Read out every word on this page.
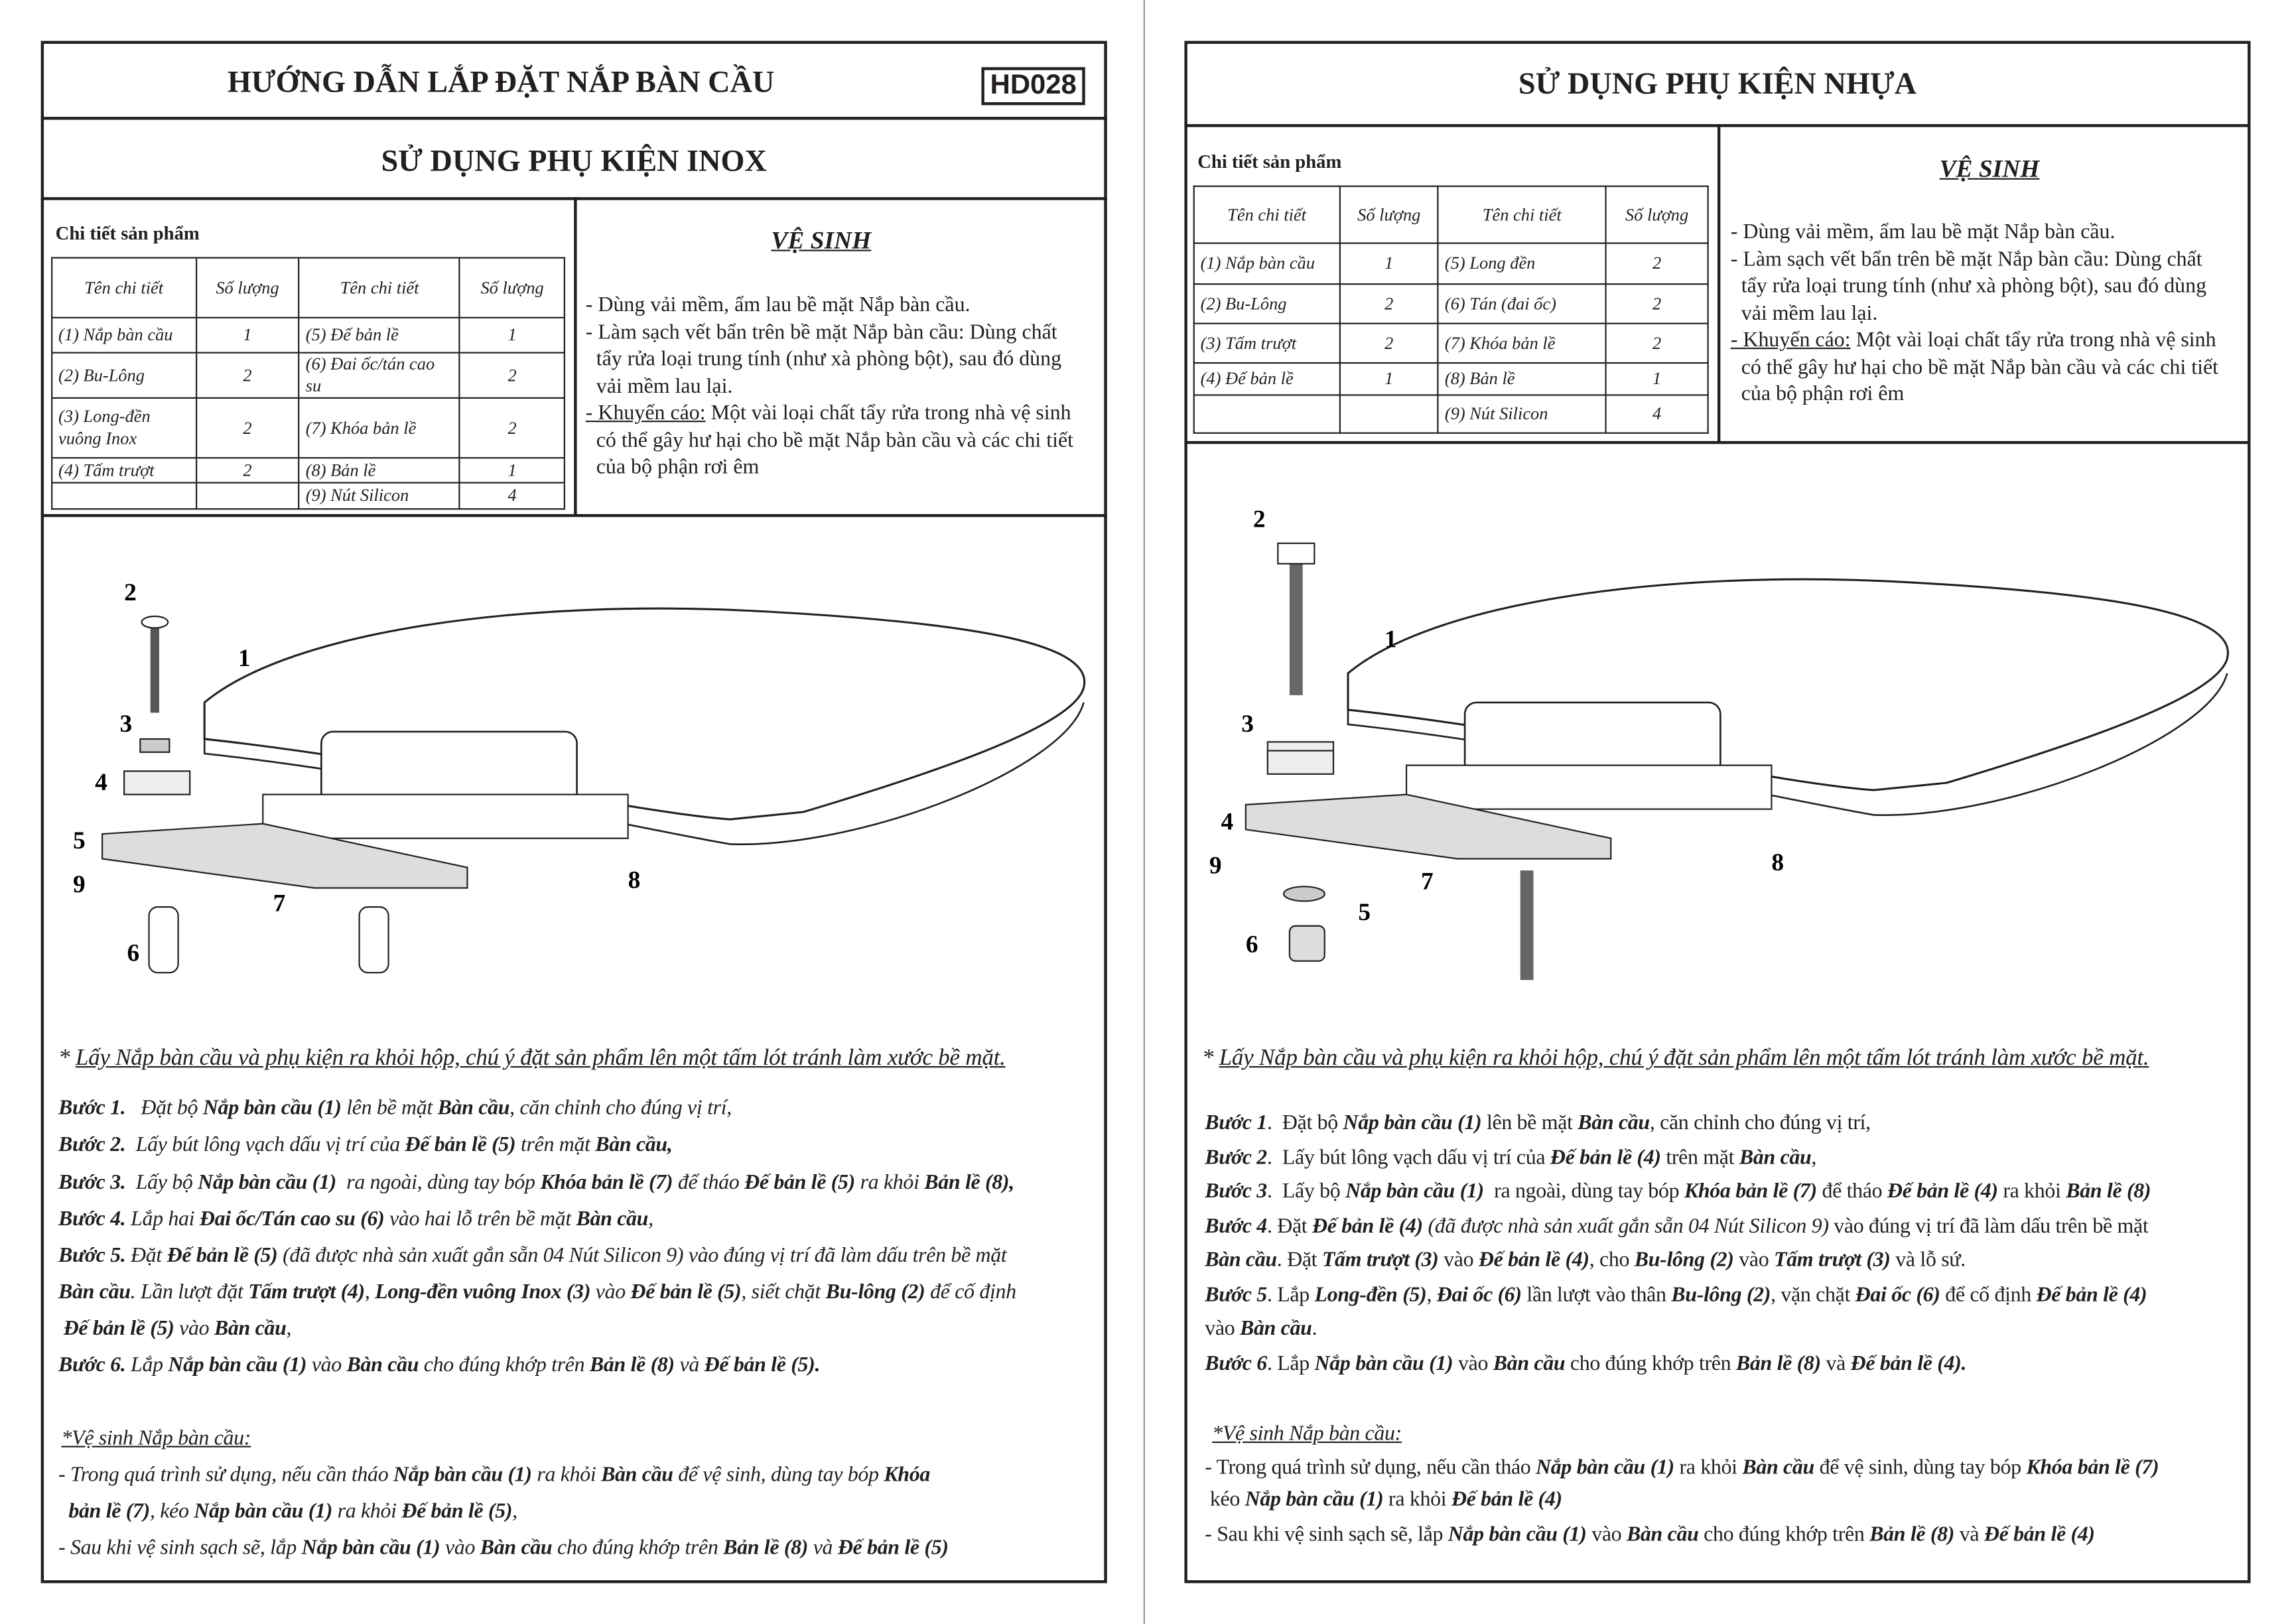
HƯỚNG DẪN LẮP ĐẶT NẮP BÀN CẦU	HD028
SỬ DỤNG PHỤ KIỆN INOX
Chi tiết sản phẩm
Tên chi tiết	Số lượng	Tên chi tiết	Số lượng
(1) Nắp bàn cầu	1	(5) Đế bản lề	1
(2) Bu-Lông	2	(6) Đai ốc/tán cao su	2
(3) Long-đền vuông Inox	2	(7) Khóa bản lề	2
(4) Tấm trượt	2	(8) Bản lề	1
		(9) Nút Silicon	4
VỆ SINH
- Dùng vải mềm, ẩm lau bề mặt Nắp bàn cầu.
- Làm sạch vết bẩn trên bề mặt Nắp bàn cầu: Dùng chất
tẩy rửa loại trung tính (như xà phòng bột), sau đó dùng
vải mềm lau lại.
- Khuyến cáo: Một vài loại chất tẩy rửa trong nhà vệ sinh
có thể gây hư hại cho bề mặt Nắp bàn cầu và các chi tiết
của bộ phận rơi êm
1
2
3
4
5
9
7
6
8
SỬ DỤNG PHỤ KIỆN NHỰA
Chi tiết sản phẩm
Tên chi tiết	Số lượng	Tên chi tiết	Số lượng
(1) Nắp bàn cầu	1	(5) Long đền	2
(2) Bu-Lông	2	(6) Tán (đai ốc)	2
(3) Tấm trượt	2	(7) Khóa bản lề	2
(4) Đế bản lề	1	(8) Bản lề	1
		(9) Nút Silicon	4
VỆ SINH
- Dùng vải mềm, ẩm lau bề mặt Nắp bàn cầu.
- Làm sạch vết bẩn trên bề mặt Nắp bàn cầu: Dùng chất
tẩy rửa loại trung tính (như xà phòng bột), sau đó dùng
vải mềm lau lại.
- Khuyến cáo: Một vài loại chất tẩy rửa trong nhà vệ sinh
có thể gây hư hại cho bề mặt Nắp bàn cầu và các chi tiết
của bộ phận rơi êm
2
1
3
4
9
7
8
5
6
* Lấy Nắp bàn cầu và phụ kiện ra khỏi hộp, chú ý đặt sản phẩm lên một tấm lót tránh làm xước bề mặt.	* Lấy Nắp bàn cầu và phụ kiện ra khỏi hộp, chú ý đặt sản phẩm lên một tấm lót tránh làm xước bề mặt.
Bước 1.   Đặt bộ Nắp bàn cầu (1) lên bề mặt Bàn cầu, căn chỉnh cho đúng vị trí,
Bước 2.  Lấy bút lông vạch dấu vị trí của Đế bản lề (5) trên mặt Bàn cầu,
Bước 3.  Lấy bộ Nắp bàn cầu (1)  ra ngoài, dùng tay bóp Khóa bản lề (7) để tháo Đế bản lề (5) ra khỏi Bản lề (8),
Bước 4. Lắp hai Đai ốc/Tán cao su (6) vào hai lỗ trên bề mặt Bàn cầu,
Bước 5. Đặt Đế bản lề (5) (đã được nhà sản xuất gắn sẵn 04 Nút Silicon 9) vào đúng vị trí đã làm dấu trên bề mặt
Bàn cầu. Lần lượt đặt Tấm trượt (4), Long-đền vuông Inox (3) vào Đế bản lề (5), siết chặt Bu-lông (2) để cố định
Đế bản lề (5) vào Bàn cầu,
Bước 6. Lắp Nắp bàn cầu (1) vào Bàn cầu cho đúng khớp trên Bản lề (8) và Đế bản lề (5).
Bước 1.  Đặt bộ Nắp bàn cầu (1) lên bề mặt Bàn cầu, căn chỉnh cho đúng vị trí,
Bước 2.  Lấy bút lông vạch dấu vị trí của Đế bản lề (4) trên mặt Bàn cầu,
Bước 3.  Lấy bộ Nắp bàn cầu (1)  ra ngoài, dùng tay bóp Khóa bản lề (7) để tháo Đế bản lề (4) ra khỏi Bản lề (8)
Bước 4. Đặt Đế bản lề (4) (đã được nhà sản xuất gắn sẵn 04 Nút Silicon 9) vào đúng vị trí đã làm dấu trên bề mặt
Bàn cầu. Đặt Tấm trượt (3) vào Đế bản lề (4), cho Bu-lông (2) vào Tấm trượt (3) và lỗ sứ.
Bước 5. Lắp Long-đền (5), Đai ốc (6) lần lượt vào thân Bu-lông (2), vặn chặt Đai ốc (6) để cố định Đế bản lề (4)
vào Bàn cầu.
Bước 6. Lắp Nắp bàn cầu (1) vào Bàn cầu cho đúng khớp trên Bản lề (8) và Đế bản lề (4).
*Vệ sinh Nắp bàn cầu:	*Vệ sinh Nắp bàn cầu:
- Trong quá trình sử dụng, nếu cần tháo Nắp bàn cầu (1) ra khỏi Bàn cầu để vệ sinh, dùng tay bóp Khóa
bản lề (7), kéo Nắp bàn cầu (1) ra khỏi Đế bản lề (5),
- Sau khi vệ sinh sạch sẽ, lắp Nắp bàn cầu (1) vào Bàn cầu cho đúng khớp trên Bản lề (8) và Đế bản lề (5)
- Trong quá trình sử dụng, nếu cần tháo Nắp bàn cầu (1) ra khỏi Bàn cầu để vệ sinh, dùng tay bóp Khóa bản lề (7)
kéo Nắp bàn cầu (1) ra khỏi Đế bản lề (4)
- Sau khi vệ sinh sạch sẽ, lắp Nắp bàn cầu (1) vào Bàn cầu cho đúng khớp trên Bản lề (8) và Đế bản lề (4)
